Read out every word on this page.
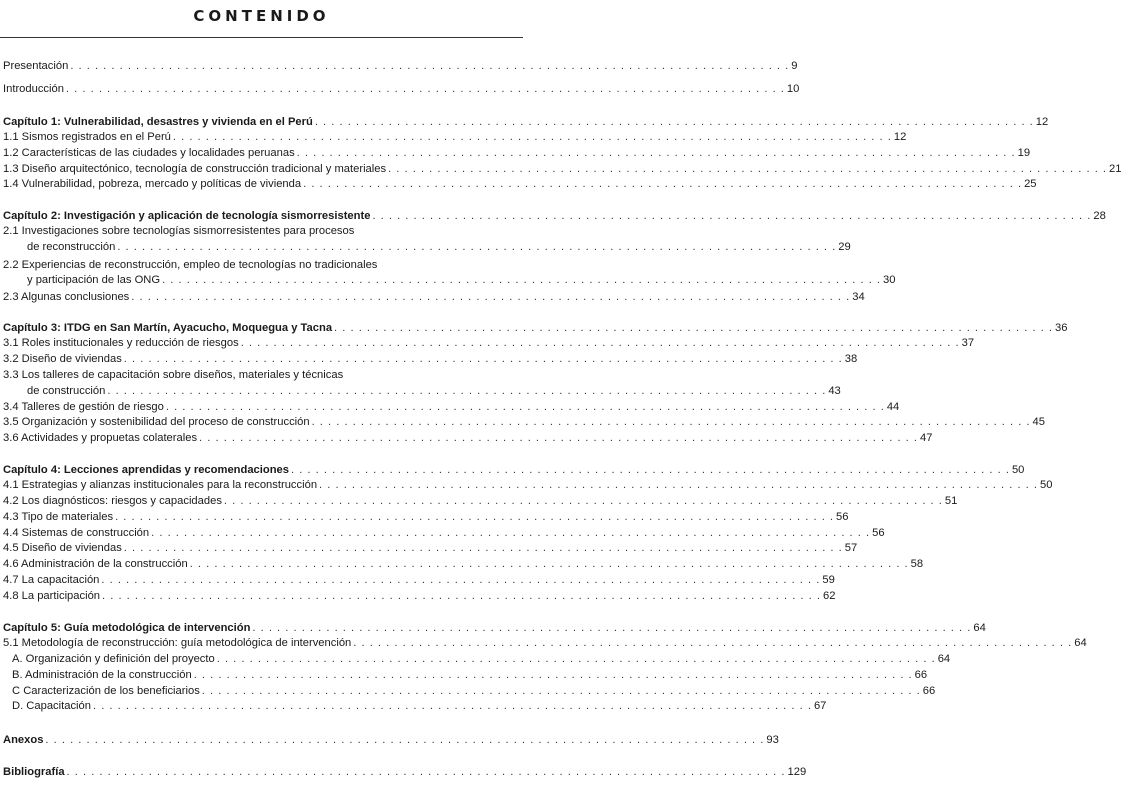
CONTENIDO
Presentación . . .	9
Introducción . . .	10
Capítulo 1: Vulnerabilidad, desastres y vivienda en el Perú . . .	12
1.1 Sismos registrados en el Perú . . .	12
1.2 Características de las ciudades y localidades peruanas . . .	19
1.3 Diseño arquitectónico, tecnología de construcción tradicional y materiales . . .	21
1.4 Vulnerabilidad, pobreza, mercado y políticas de vivienda . . .	25
Capítulo 2: Investigación y aplicación de tecnología sismorresistente . . .	28
2.1 Investigaciones sobre tecnologías sismorresistentes para procesos
de reconstrucción . . .	29
2.2 Experiencias de reconstrucción, empleo de tecnologías no tradicionales
y participación de las ONG . . .	30
2.3 Algunas conclusiones . . .	34
Capítulo 3: ITDG en San Martín, Ayacucho, Moquegua y Tacna . . .	36
3.1 Roles institucionales y reducción de riesgos . . .	37
3.2 Diseño de viviendas . . .	38
3.3 Los talleres de capacitación sobre diseños, materiales y técnicas
de construcción . . .	43
3.4 Talleres de gestión de riesgo . . .	44
3.5 Organización y sostenibilidad del proceso de construcción . . .	45
3.6 Actividades y propuetas colaterales . . .	47
Capítulo 4: Lecciones aprendidas y recomendaciones . . .	50
4.1 Estrategias y alianzas institucionales para la reconstrucción . . .	50
4.2 Los diagnósticos: riesgos y capacidades . . .	51
4.3 Tipo de materiales . . .	56
4.4 Sistemas de construcción . . .	56
4.5 Diseño de viviendas . . .	57
4.6 Administración de la construcción . . .	58
4.7 La capacitación . . .	59
4.8 La participación . . .	62
Capítulo 5: Guía metodológica de intervención . . .	64
5.1 Metodología de reconstrucción: guía metodológica de intervención . . .	64
A. Organización y definición del proyecto . . .	64
B. Administración de la construcción . . .	66
C Caracterización de los beneficiarios . . .	66
D. Capacitación . . .	67
Anexos . . .	93
Bibliografía . . .	129
